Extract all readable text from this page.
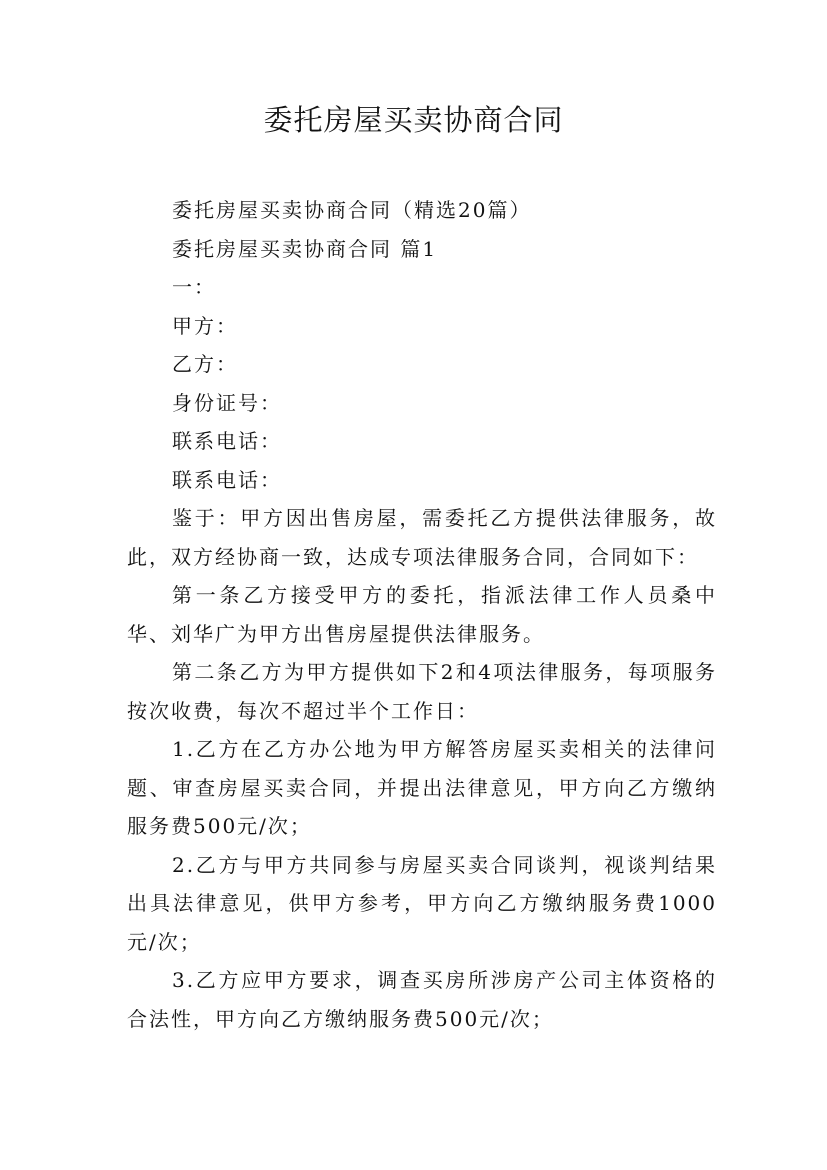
委托房屋买卖协商合同

委托房屋买卖协商合同（精选20篇）

委托房屋买卖协商合同 篇1

一：

甲方：

乙方：

身份证号：

联系电话：

联系电话：

鉴于：甲方因出售房屋，需委托乙方提供法律服务，故此，双方经协商一致，达成专项法律服务合同，合同如下：

第一条乙方接受甲方的委托，指派法律工作人员桑中华、刘华广为甲方出售房屋提供法律服务。

第二条乙方为甲方提供如下2和4项法律服务，每项服务按次收费，每次不超过半个工作日：

1.乙方在乙方办公地为甲方解答房屋买卖相关的法律问题、审查房屋买卖合同，并提出法律意见，甲方向乙方缴纳服务费500元/次；

2.乙方与甲方共同参与房屋买卖合同谈判，视谈判结果出具法律意见，供甲方参考，甲方向乙方缴纳服务费1000元/次；

3.乙方应甲方要求，调查买房所涉房产公司主体资格的合法性，甲方向乙方缴纳服务费500元/次；
